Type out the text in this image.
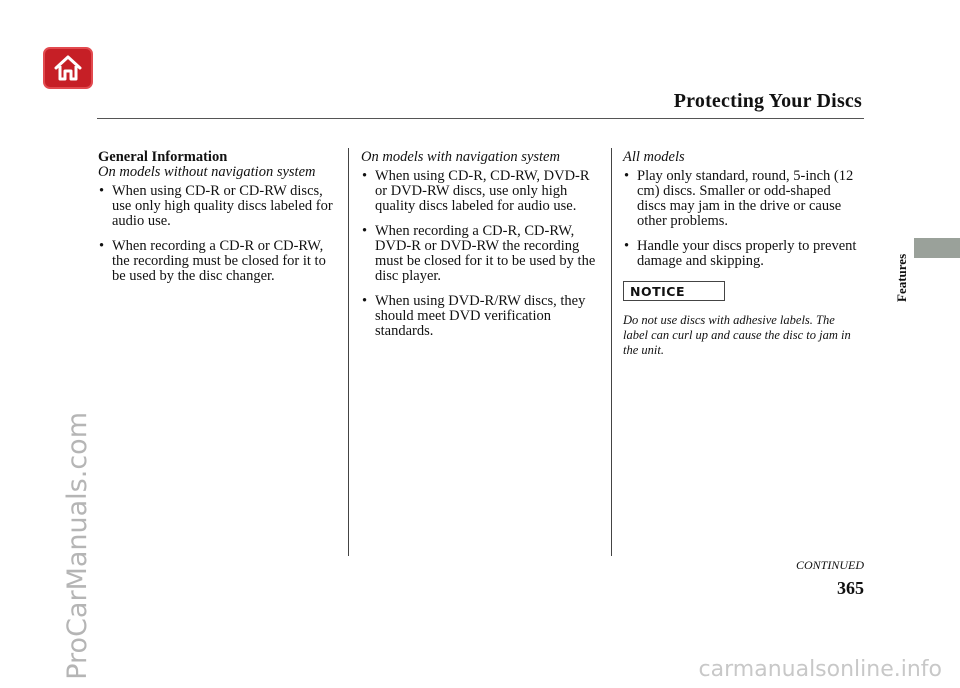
Protecting Your Discs
Features
General Information
On models without navigation system
• When using CD-R or CD-RW discs, use only high quality discs labeled for audio use.
• When recording a CD-R or CD-RW, the recording must be closed for it to be used by the disc changer.
On models with navigation system
• When using CD-R, CD-RW, DVD-R or DVD-RW discs, use only high quality discs labeled for audio use.
• When recording a CD-R, CD-RW, DVD-R or DVD-RW the recording must be closed for it to be used by the disc player.
• When using DVD-R/RW discs, they should meet DVD verification standards.
All models
• Play only standard, round, 5-inch (12 cm) discs. Smaller or odd-shaped discs may jam in the drive or cause other problems.
• Handle your discs properly to prevent damage and skipping.
NOTICE
Do not use discs with adhesive labels. The label can curl up and cause the disc to jam in the unit.
CONTINUED
365
ProCarManuals.com	carmanualsonline.info
